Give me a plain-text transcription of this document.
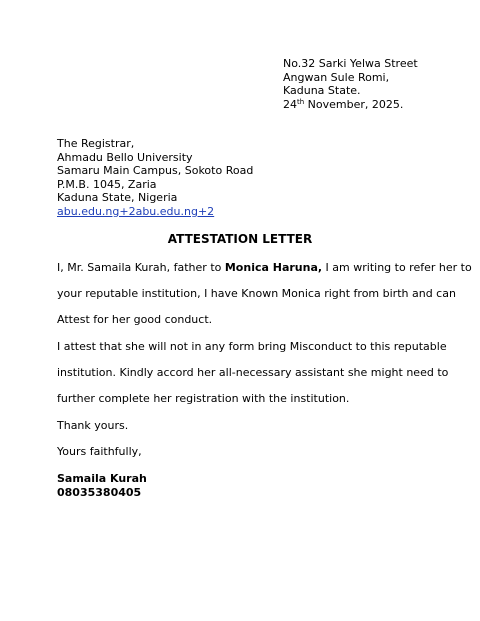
No.32 Sarki Yelwa Street
Angwan Sule Romi,
Kaduna State.
24th November, 2025.
The Registrar,
Ahmadu Bello University
Samaru Main Campus, Sokoto Road
P.M.B. 1045, Zaria
Kaduna State, Nigeria
abu.edu.ng+2abu.edu.ng+2
ATTESTATION LETTER
I, Mr. Samaila Kurah, father to Monica Haruna, I am writing to refer her to
your reputable institution, I have Known Monica right from birth and can
Attest for her good conduct.
I attest that she will not in any form bring Misconduct to this reputable
institution. Kindly accord her all-necessary assistant she might need to
further complete her registration with the institution.
Thank yours.
Samaila Kurah
08035380405
Yours faithfully,
